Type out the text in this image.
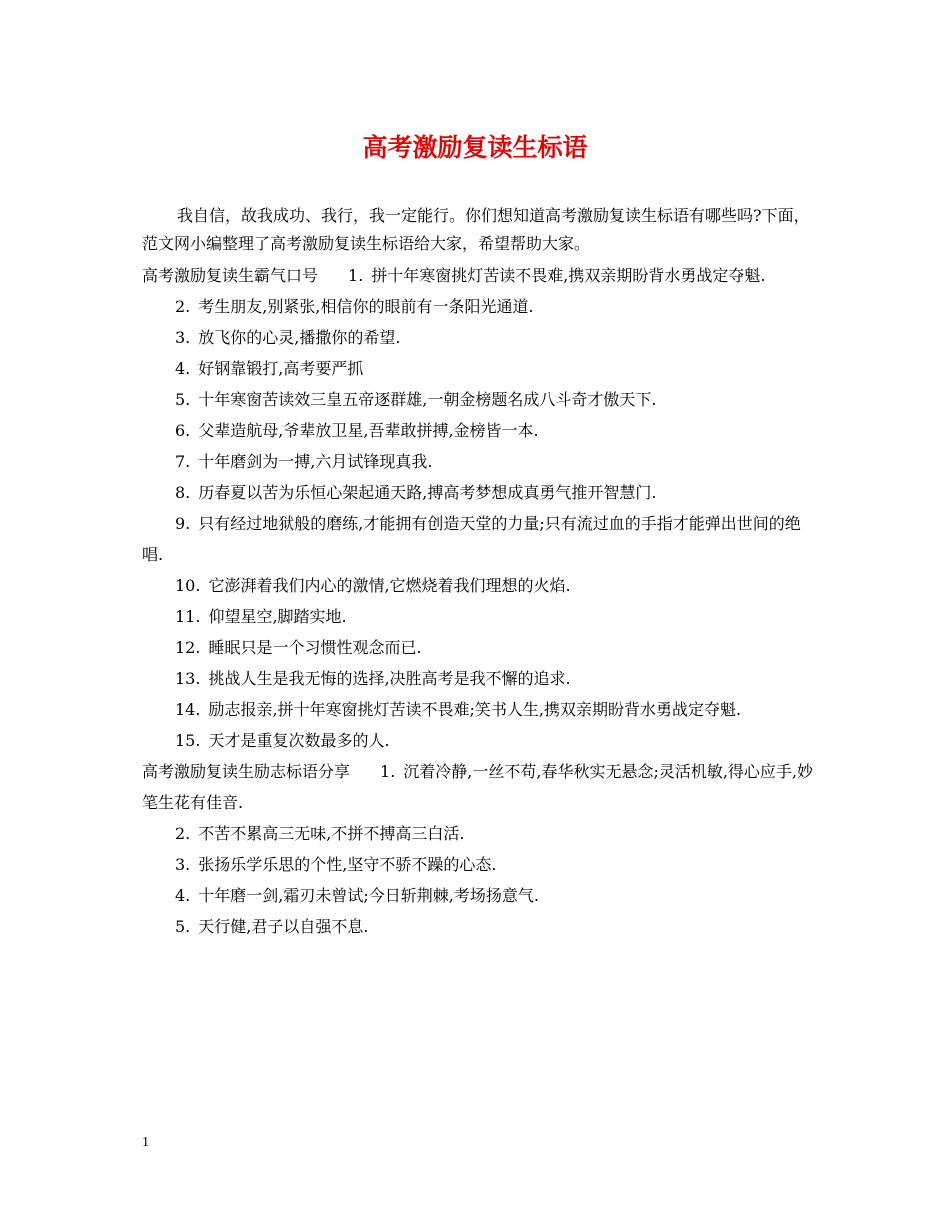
高考激励复读生标语

我自信，故我成功、我行，我一定能行。你们想知道高考激励复读生标语有哪些吗?下面，范文网小编整理了高考激励复读生标语给大家，希望帮助大家。

高考激励复读生霸气口号 1. 拼十年寒窗挑灯苦读不畏难,携双亲期盼背水勇战定夺魁.

2. 考生朋友,别紧张,相信你的眼前有一条阳光通道.

3. 放飞你的心灵,播撒你的希望.

4. 好钢靠锻打,高考要严抓

5. 十年寒窗苦读效三皇五帝逐群雄,一朝金榜题名成八斗奇才傲天下.

6. 父辈造航母,爷辈放卫星,吾辈敢拼搏,金榜皆一本.

7. 十年磨剑为一搏,六月试锋现真我.

8. 历春夏以苦为乐恒心架起通天路,搏高考梦想成真勇气推开智慧门.

9. 只有经过地狱般的磨练,才能拥有创造天堂的力量;只有流过血的手指才能弹出世间的绝唱.

10. 它澎湃着我们内心的激情,它燃烧着我们理想的火焰.

11. 仰望星空,脚踏实地.

12. 睡眠只是一个习惯性观念而已.

13. 挑战人生是我无悔的选择,决胜高考是我不懈的追求.

14. 励志报亲,拼十年寒窗挑灯苦读不畏难;笑书人生,携双亲期盼背水勇战定夺魁.

15. 天才是重复次数最多的人.

高考激励复读生励志标语分享 1. 沉着冷静,一丝不苟,春华秋实无悬念;灵活机敏,得心应手,妙笔生花有佳音.

2. 不苦不累高三无味,不拼不搏高三白活.

3. 张扬乐学乐思的个性,坚守不骄不躁的心态.

4. 十年磨一剑,霜刃未曾试;今日斩荆棘,考场扬意气.

5. 天行健,君子以自强不息.

1
